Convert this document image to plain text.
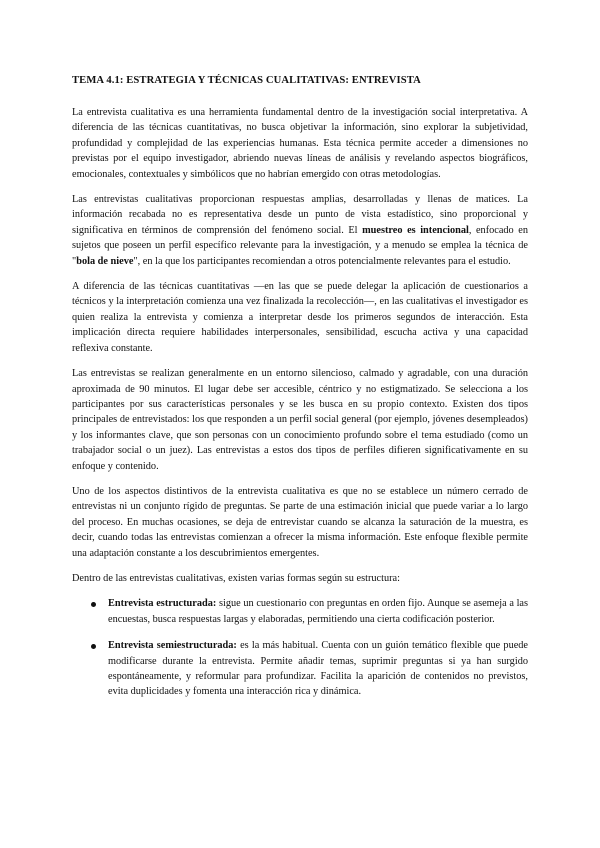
TEMA 4.1: ESTRATEGIA Y TÉCNICAS CUALITATIVAS: ENTREVISTA

La entrevista cualitativa es una herramienta fundamental dentro de la investigación social interpretativa. A diferencia de las técnicas cuantitativas, no busca objetivar la información, sino explorar la subjetividad, profundidad y complejidad de las experiencias humanas. Esta técnica permite acceder a dimensiones no previstas por el equipo investigador, abriendo nuevas líneas de análisis y revelando aspectos biográficos, emocionales, contextuales y simbólicos que no habrían emergido con otras metodologías.

Las entrevistas cualitativas proporcionan respuestas amplias, desarrolladas y llenas de matices. La información recabada no es representativa desde un punto de vista estadístico, sino proporcional y significativa en términos de comprensión del fenómeno social. El muestreo es intencional, enfocado en sujetos que poseen un perfil específico relevante para la investigación, y a menudo se emplea la técnica de "bola de nieve", en la que los participantes recomiendan a otros potencialmente relevantes para el estudio.

A diferencia de las técnicas cuantitativas —en las que se puede delegar la aplicación de cuestionarios a técnicos y la interpretación comienza una vez finalizada la recolección—, en las cualitativas el investigador es quien realiza la entrevista y comienza a interpretar desde los primeros segundos de interacción. Esta implicación directa requiere habilidades interpersonales, sensibilidad, escucha activa y una capacidad reflexiva constante.

Las entrevistas se realizan generalmente en un entorno silencioso, calmado y agradable, con una duración aproximada de 90 minutos. El lugar debe ser accesible, céntrico y no estigmatizado. Se selecciona a los participantes por sus características personales y se les busca en su propio contexto. Existen dos tipos principales de entrevistados: los que responden a un perfil social general (por ejemplo, jóvenes desempleados) y los informantes clave, que son personas con un conocimiento profundo sobre el tema estudiado (como un trabajador social o un juez). Las entrevistas a estos dos tipos de perfiles difieren significativamente en su enfoque y contenido.

Uno de los aspectos distintivos de la entrevista cualitativa es que no se establece un número cerrado de entrevistas ni un conjunto rígido de preguntas. Se parte de una estimación inicial que puede variar a lo largo del proceso. En muchas ocasiones, se deja de entrevistar cuando se alcanza la saturación de la muestra, es decir, cuando todas las entrevistas comienzan a ofrecer la misma información. Este enfoque flexible permite una adaptación constante a los descubrimientos emergentes.

Dentro de las entrevistas cualitativas, existen varias formas según su estructura:

Entrevista estructurada: sigue un cuestionario con preguntas en orden fijo. Aunque se asemeja a las encuestas, busca respuestas largas y elaboradas, permitiendo una cierta codificación posterior.
Entrevista semiestructurada: es la más habitual. Cuenta con un guión temático flexible que puede modificarse durante la entrevista. Permite añadir temas, suprimir preguntas si ya han surgido espontáneamente, y reformular para profundizar. Facilita la aparición de contenidos no previstos, evita duplicidades y fomenta una interacción rica y dinámica.
